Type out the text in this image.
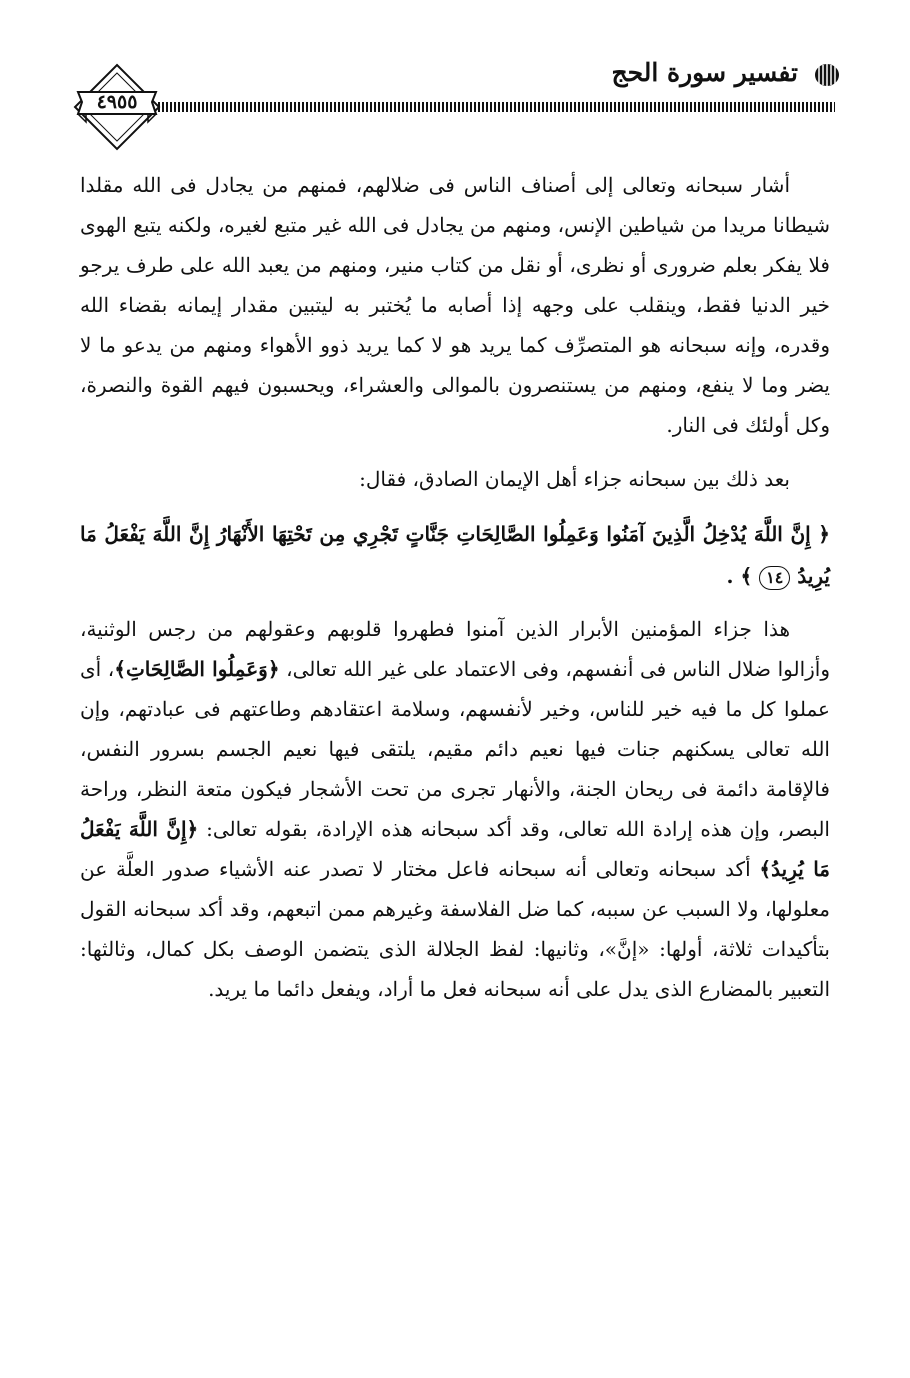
تفسير سورة الحج
٤٩٥٥

أشار سبحانه وتعالى إلى أصناف الناس فى ضلالهم، فمنهم من يجادل فى الله مقلدا شيطانا مريدا من شياطين الإنس، ومنهم من يجادل فى الله غير متبع لغيره، ولكنه يتبع الهوى فلا يفكر بعلم ضرورى أو نظرى، أو نقل من كتاب منير، ومنهم من يعبد الله على طرف يرجو خير الدنيا فقط، وينقلب على وجهه إذا أصابه ما يُختبر به ليتبين مقدار إيمانه بقضاء الله وقدره، وإنه سبحانه هو المتصرِّف كما يريد هو لا كما يريد ذوو الأهواء ومنهم من يدعو ما لا يضر وما لا ينفع، ومنهم من يستنصرون بالموالى والعشراء، ويحسبون فيهم القوة والنصرة، وكل أولئك فى النار.

بعد ذلك بين سبحانه جزاء أهل الإيمان الصادق، فقال:

﴿ إِنَّ اللَّهَ يُدْخِلُ الَّذِينَ آمَنُوا وَعَمِلُوا الصَّالِحَاتِ جَنَّاتٍ تَجْرِي مِن تَحْتِهَا الأَنْهَارُ إِنَّ اللَّهَ يَفْعَلُ مَا يُرِيدُ ١٤ ﴾ .

هذا جزاء المؤمنين الأبرار الذين آمنوا فطهروا قلوبهم وعقولهم من رجس الوثنية، وأزالوا ضلال الناس فى أنفسهم، وفى الاعتماد على غير الله تعالى، ﴿وَعَمِلُوا الصَّالِحَاتِ﴾، أى عملوا كل ما فيه خير للناس، وخير لأنفسهم، وسلامة اعتقادهم وطاعتهم فى عبادتهم، وإن الله تعالى يسكنهم جنات فيها نعيم دائم مقيم، يلتقى فيها نعيم الجسم بسرور النفس، فالإقامة دائمة فى ريحان الجنة، والأنهار تجرى من تحت الأشجار فيكون متعة النظر، وراحة البصر، وإن هذه إرادة الله تعالى، وقد أكد سبحانه هذه الإرادة، بقوله تعالى: ﴿إِنَّ اللَّهَ يَفْعَلُ مَا يُرِيدُ﴾ أكد سبحانه وتعالى أنه سبحانه فاعل مختار لا تصدر عنه الأشياء صدور العلَّة عن معلولها، ولا السبب عن سببه، كما ضل الفلاسفة وغيرهم ممن اتبعهم، وقد أكد سبحانه القول بتأكيدات ثلاثة، أولها: «إنَّ»، وثانيها: لفظ الجلالة الذى يتضمن الوصف بكل كمال، وثالثها: التعبير بالمضارع الذى يدل على أنه سبحانه فعل ما أراد، ويفعل دائما ما يريد.
